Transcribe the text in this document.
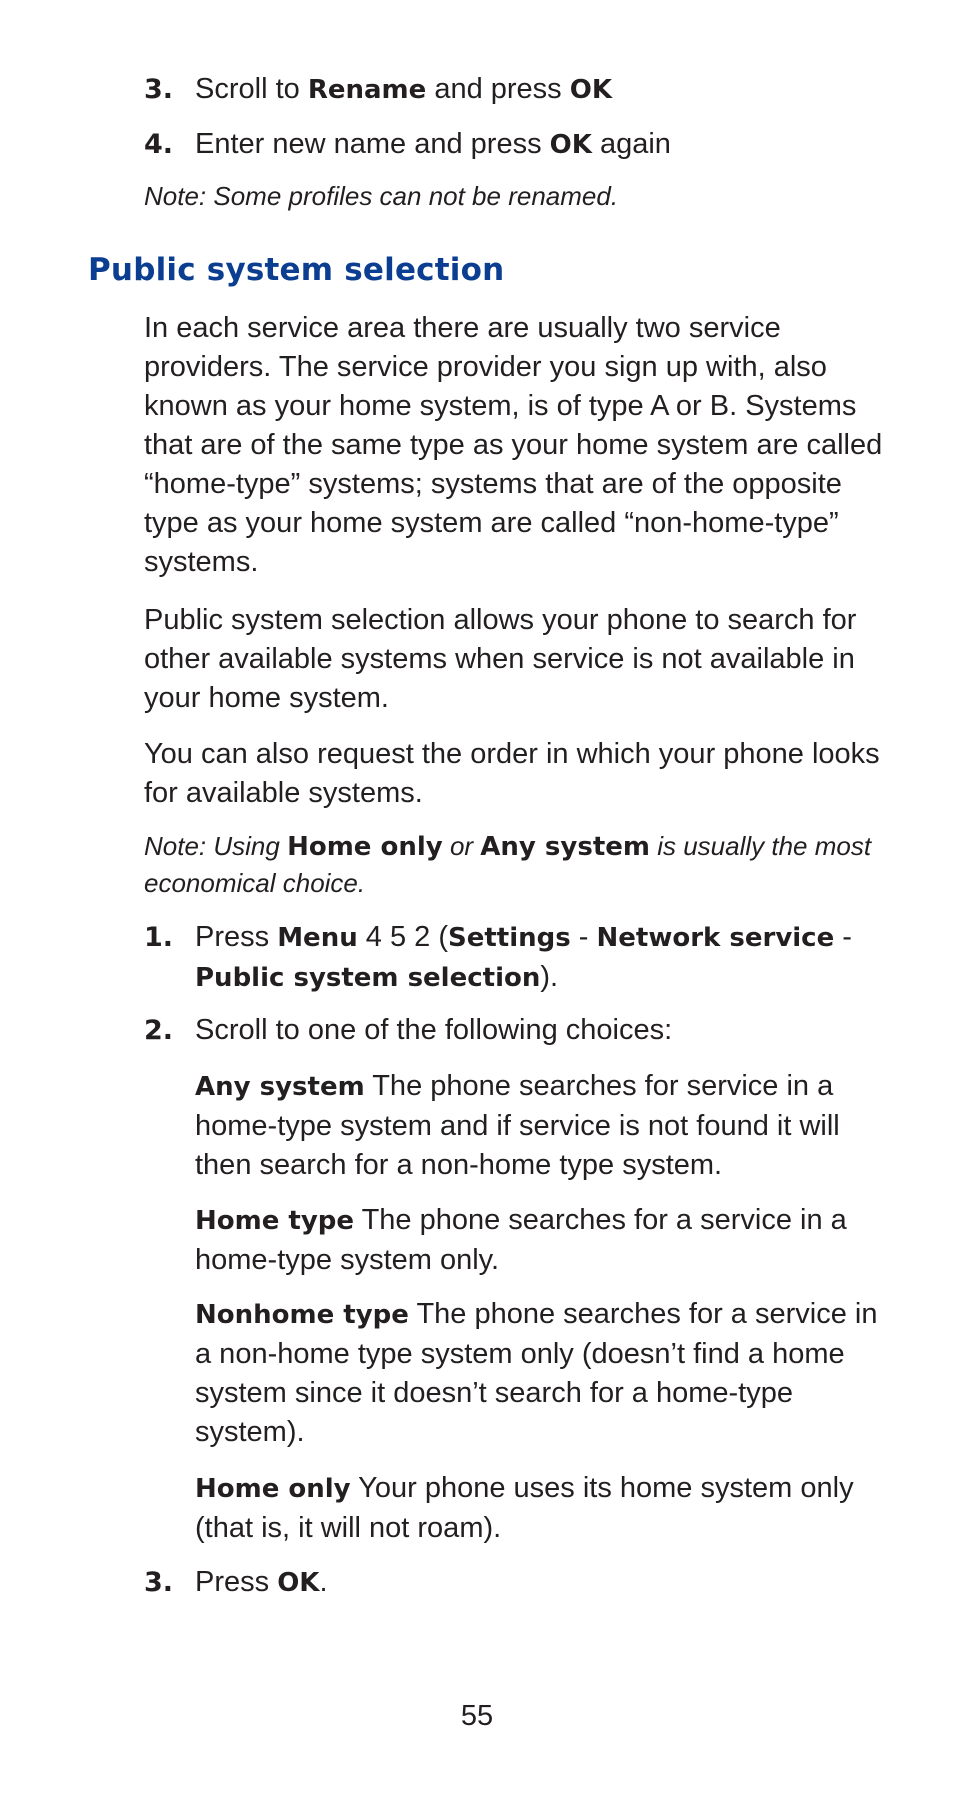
3. Scroll to Rename and press OK
4. Enter new name and press OK again
Note: Some profiles can not be renamed.
Public system selection
In each service area there are usually two service providers. The service provider you sign up with, also known as your home system, is of type A or B. Systems that are of the same type as your home system are called “home-type” systems; systems that are of the opposite type as your home system are called “non-home-type” systems.
Public system selection allows your phone to search for other available systems when service is not available in your home system.
You can also request the order in which your phone looks for available systems.
Note: Using Home only or Any system is usually the most economical choice.
1. Press Menu 4 5 2 (Settings - Network service - Public system selection).
2. Scroll to one of the following choices:
Any system The phone searches for service in a home-type system and if service is not found it will then search for a non-home type system.
Home type The phone searches for a service in a home-type system only.
Nonhome type The phone searches for a service in a non-home type system only (doesn’t find a home system since it doesn’t search for a home-type system).
Home only Your phone uses its home system only (that is, it will not roam).
3. Press OK.
55
